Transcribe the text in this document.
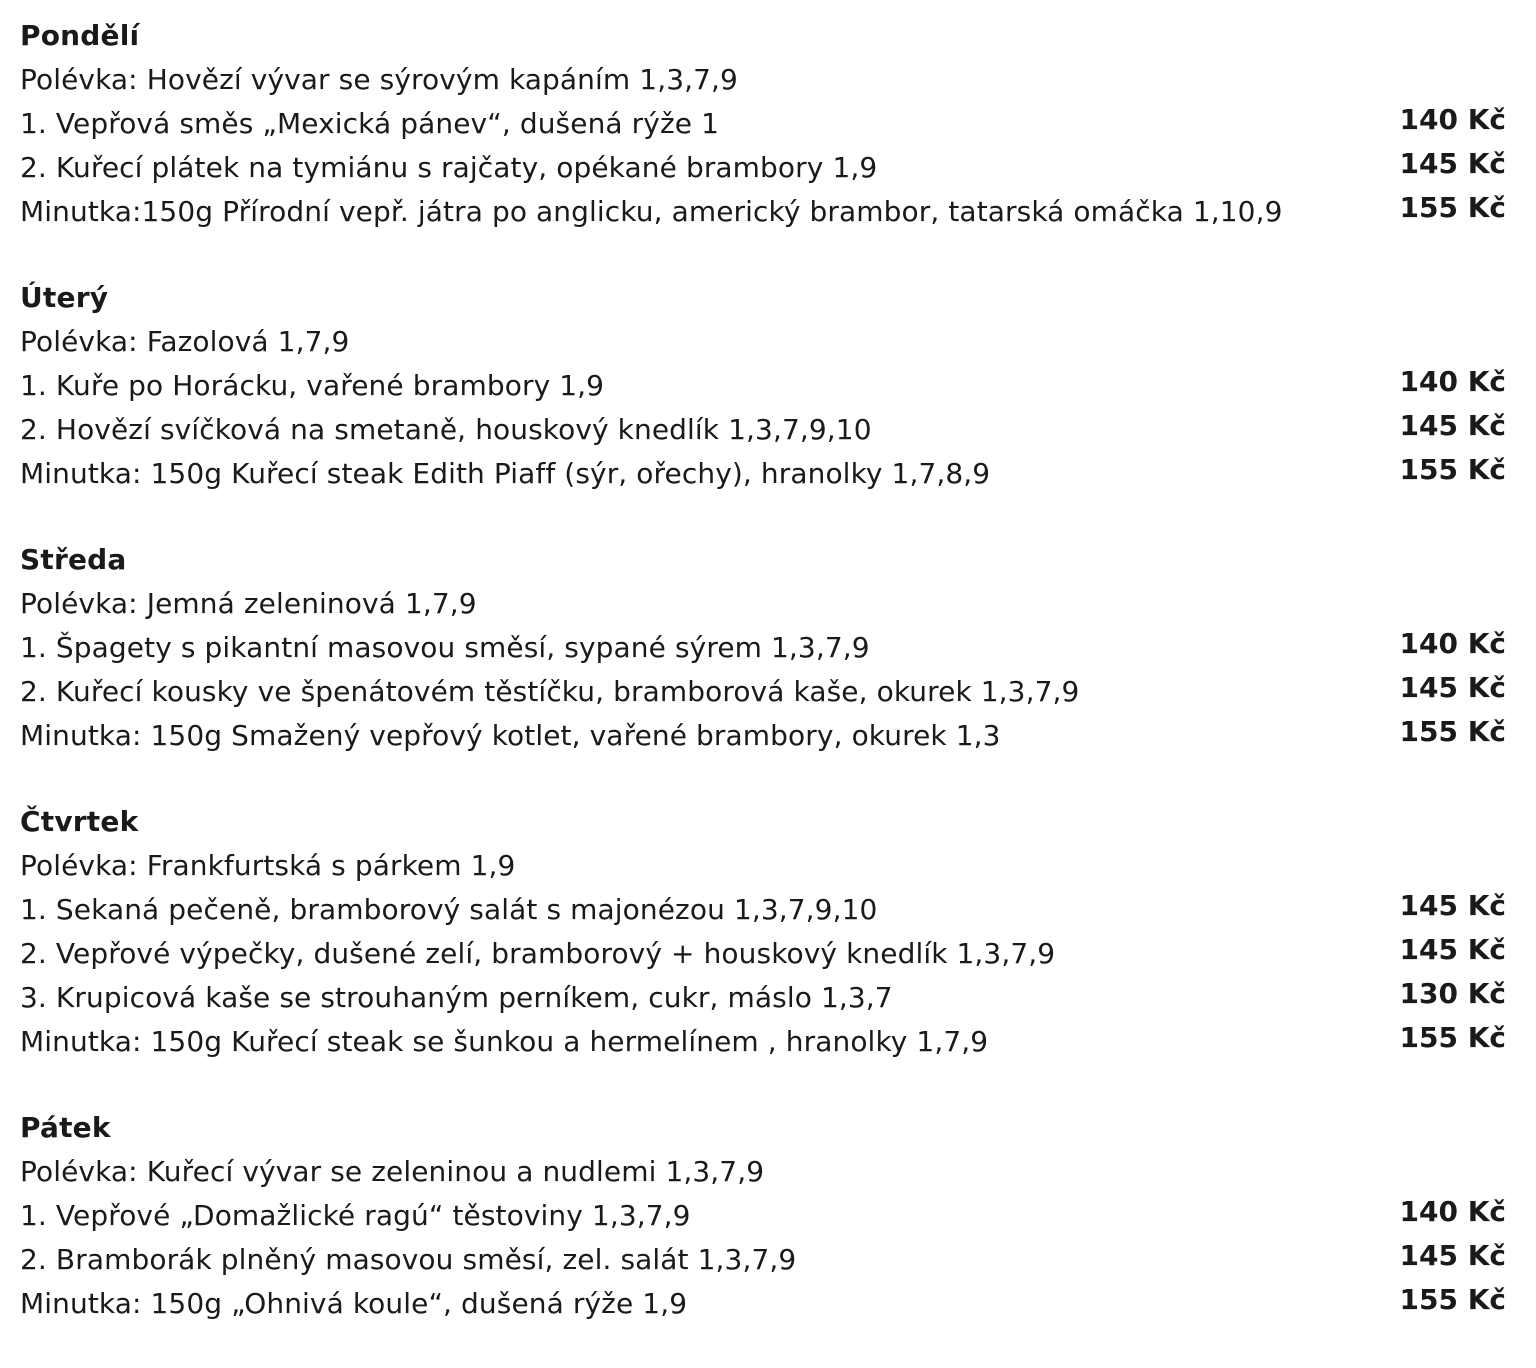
Pondělí
Polévka: Hovězí vývar se sýrovým kapáním 1,3,7,9
1. Vepřová směs „Mexická pánev“, dušená rýže 1	140 Kč
2. Kuřecí plátek na tymiánu s rajčaty, opékané brambory 1,9	145 Kč
Minutka:150g Přírodní vepř. játra po anglicku, americký brambor, tatarská omáčka 1,10,9	155 Kč
Úterý
Polévka: Fazolová 1,7,9
1. Kuře po Horácku, vařené brambory 1,9	140 Kč
2. Hovězí svíčková na smetaně, houskový knedlík 1,3,7,9,10	145 Kč
Minutka: 150g Kuřecí steak Edith Piaff (sýr, ořechy), hranolky 1,7,8,9	155 Kč
Středa
Polévka: Jemná zeleninová 1,7,9
1. Špagety s pikantní masovou směsí, sypané sýrem 1,3,7,9	140 Kč
2. Kuřecí kousky ve špenátovém těstíčku, bramborová kaše, okurek 1,3,7,9	145 Kč
Minutka: 150g Smažený vepřový kotlet, vařené brambory, okurek 1,3	155 Kč
Čtvrtek
Polévka: Frankfurtská s párkem 1,9
1. Sekaná pečeně, bramborový salát s majonézou 1,3,7,9,10	145 Kč
2. Vepřové výpečky, dušené zelí, bramborový + houskový knedlík 1,3,7,9	145 Kč
3. Krupicová kaše se strouhaným perníkem, cukr, máslo 1,3,7	130 Kč
Minutka: 150g Kuřecí steak se šunkou a hermelínem , hranolky 1,7,9	155 Kč
Pátek
Polévka: Kuřecí vývar se zeleninou a nudlemi 1,3,7,9
1. Vepřové „Domažlické ragú“ těstoviny 1,3,7,9	140 Kč
2. Bramborák plněný masovou směsí, zel. salát 1,3,7,9	145 Kč
Minutka: 150g „Ohnivá koule“, dušená rýže 1,9	155 Kč
